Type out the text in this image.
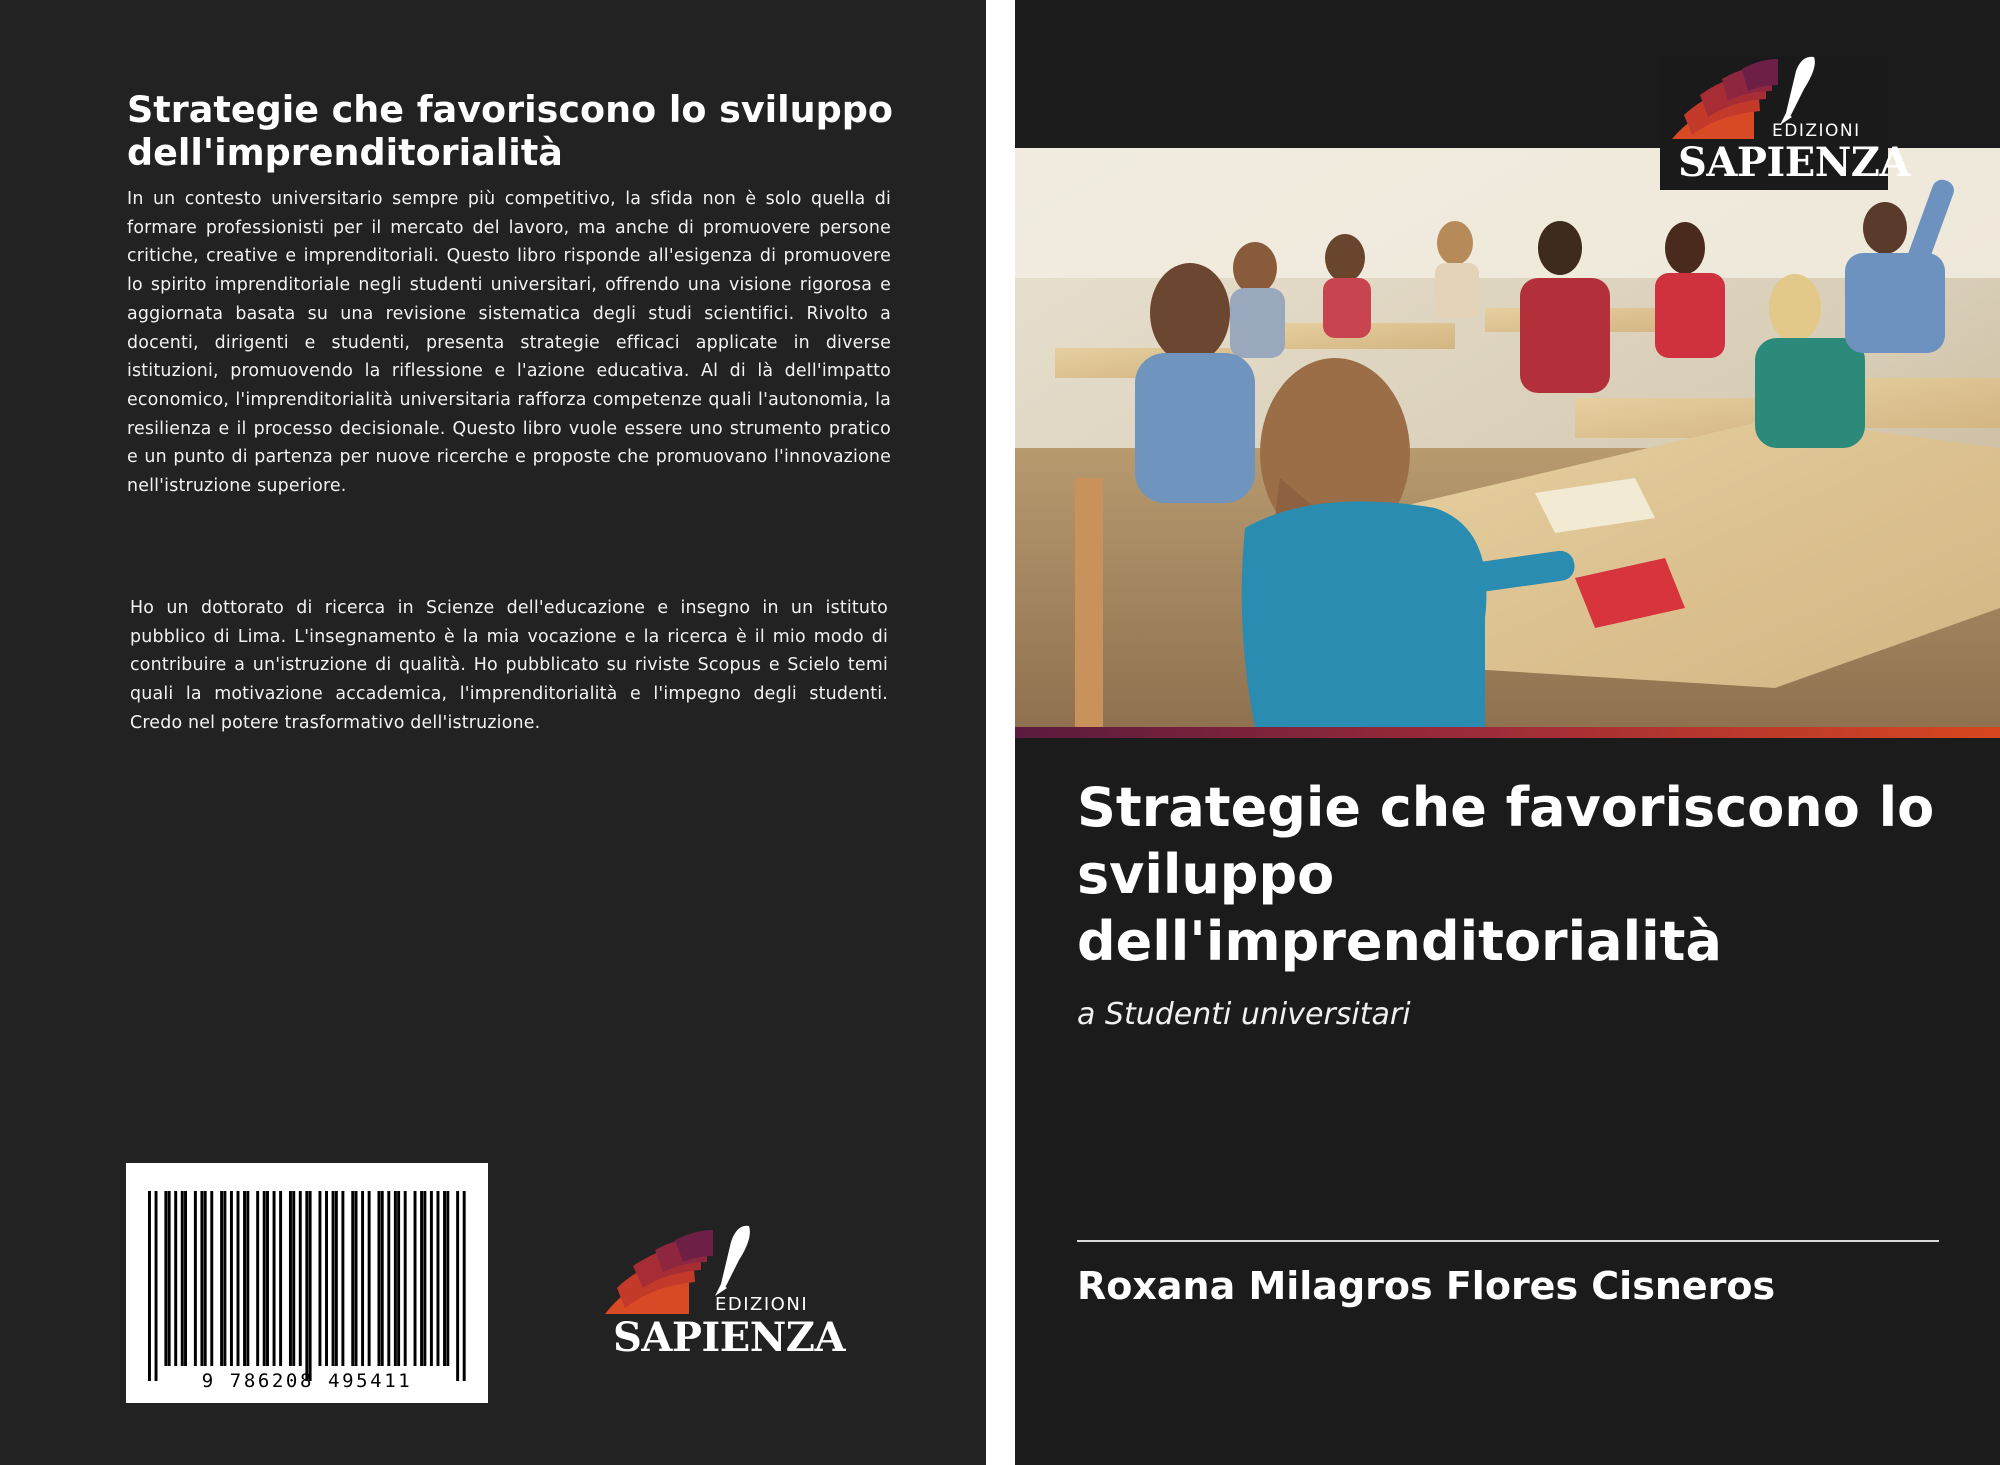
Strategie che favoriscono lo sviluppo dell'imprenditorialità
In un contesto universitario sempre più competitivo, la sfida non è solo quella di formare professionisti per il mercato del lavoro, ma anche di promuovere persone critiche, creative e imprenditoriali. Questo libro risponde all'esigenza di promuovere lo spirito imprenditoriale negli studenti universitari, offrendo una visione rigorosa e aggiornata basata su una revisione sistematica degli studi scientifici. Rivolto a docenti, dirigenti e studenti, presenta strategie efficaci applicate in diverse istituzioni, promuovendo la riflessione e l'azione educativa. Al di là dell'impatto economico, l'imprenditorialità universitaria rafforza competenze quali l'autonomia, la resilienza e il processo decisionale. Questo libro vuole essere uno strumento pratico e un punto di partenza per nuove ricerche e proposte che promuovano l'innovazione nell'istruzione superiore.
Ho un dottorato di ricerca in Scienze dell'educazione e insegno in un istituto pubblico di Lima. L'insegnamento è la mia vocazione e la ricerca è il mio modo di contribuire a un'istruzione di qualità. Ho pubblicato su riviste Scopus e Scielo temi quali la motivazione accademica, l'imprenditorialità e l'impegno degli studenti. Credo nel potere trasformativo dell'istruzione.
9 786208 495411
EDIZIONI
SAPIENZA
EDIZIONI
SAPIENZA
Strategie che favoriscono lo sviluppo dell'imprenditorialità
a Studenti universitari
Roxana Milagros Flores Cisneros
